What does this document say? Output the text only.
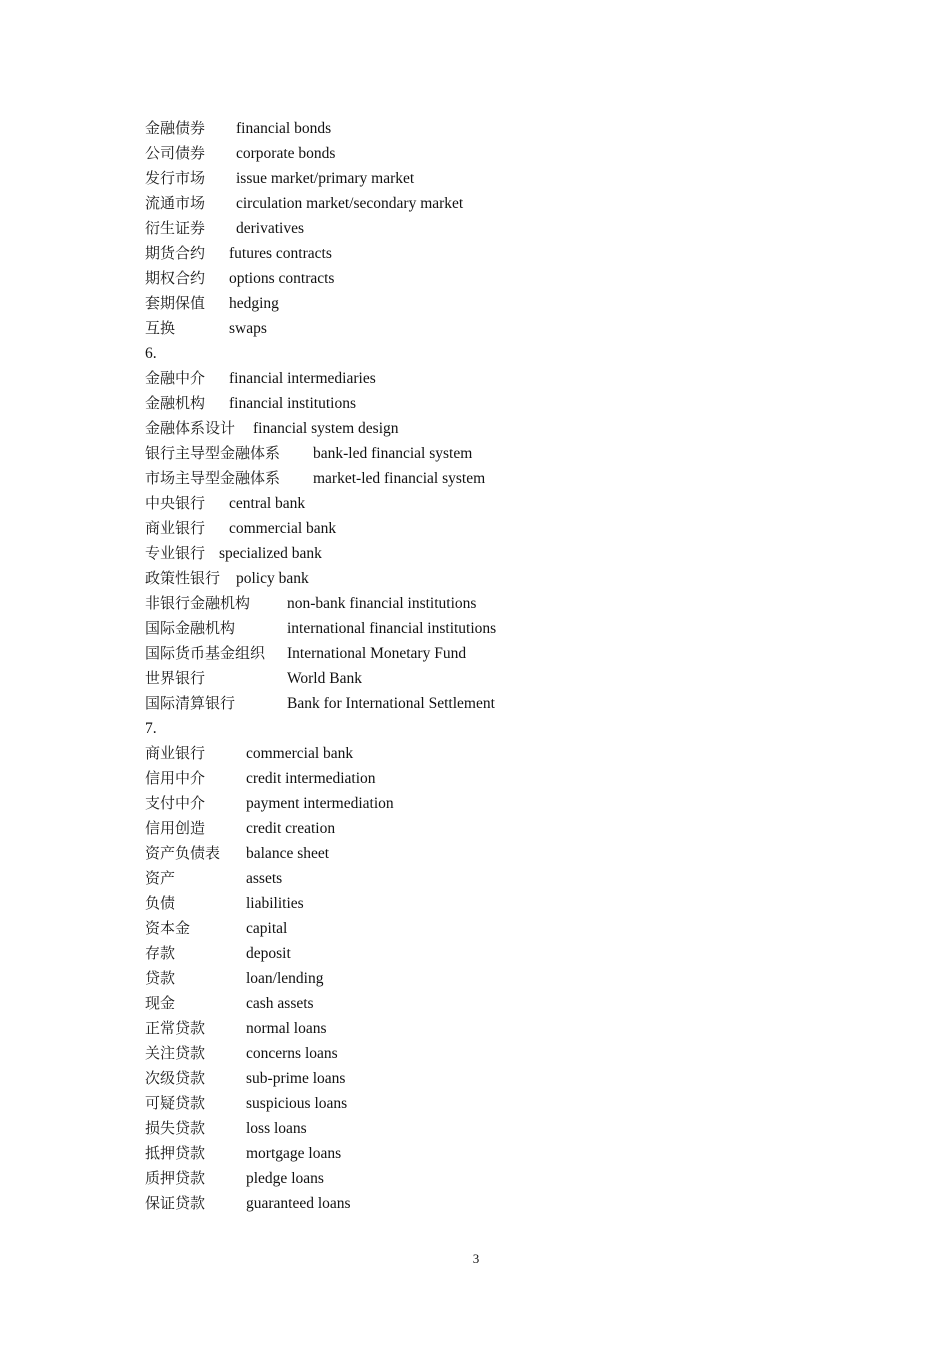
金融债券	financial bonds
公司债券	corporate bonds
发行市场	issue market/primary market
流通市场	circulation market/secondary market
衍生证券	derivatives
期货合约	futures contracts
期权合约	options contracts
套期保值	hedging
互换	swaps
6.
金融中介	financial intermediaries
金融机构	financial institutions
金融体系设计	financial system design
银行主导型金融体系	bank-led financial system
市场主导型金融体系	market-led financial system
中央银行	central bank
商业银行	commercial bank
专业银行 specialized bank
政策性银行	policy bank
非银行金融机构	non-bank financial institutions
国际金融机构	international financial institutions
国际货币基金组织	International Monetary Fund
世界银行	World Bank
国际清算银行	Bank for International Settlement
7.
商业银行	commercial bank
信用中介	credit intermediation
支付中介	payment intermediation
信用创造	credit creation
资产负债表	balance sheet
资产	assets
负债	liabilities
资本金	capital
存款	deposit
贷款	loan/lending
现金	cash assets
正常贷款	normal loans
关注贷款	concerns loans
次级贷款	sub-prime loans
可疑贷款	suspicious loans
损失贷款	loss loans
抵押贷款	mortgage loans
质押贷款	pledge loans
保证贷款	guaranteed loans
3
